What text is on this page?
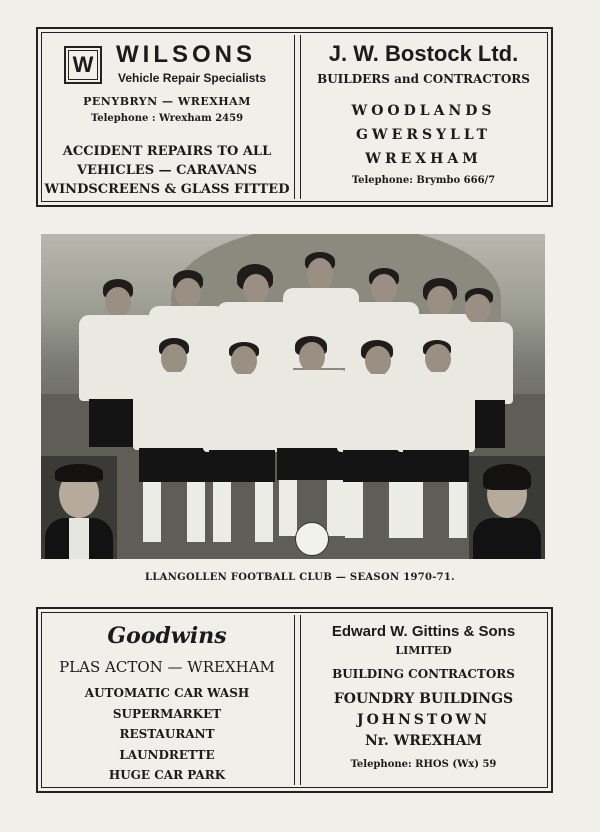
W WILSONS
Vehicle Repair Specialists
PENYBRYN — WREXHAM
Telephone : Wrexham 2459
ACCIDENT REPAIRS TO ALL
VEHICLES — CARAVANS
WINDSCREENS & GLASS FITTED
J. W. Bostock Ltd.
BUILDERS and CONTRACTORS
WOODLANDS
GWERSYLLT
WREXHAM
Telephone: Brymbo 666/7
LLANGOLLEN FOOTBALL CLUB — SEASON 1970-71.
Goodwins
PLAS ACTON — WREXHAM
AUTOMATIC CAR WASH
SUPERMARKET
RESTAURANT
LAUNDRETTE
HUGE CAR PARK
Edward W. Gittins & Sons
LIMITED
BUILDING CONTRACTORS
FOUNDRY BUILDINGS
JOHNSTOWN
Nr. WREXHAM
Telephone: RHOS (Wx) 59
